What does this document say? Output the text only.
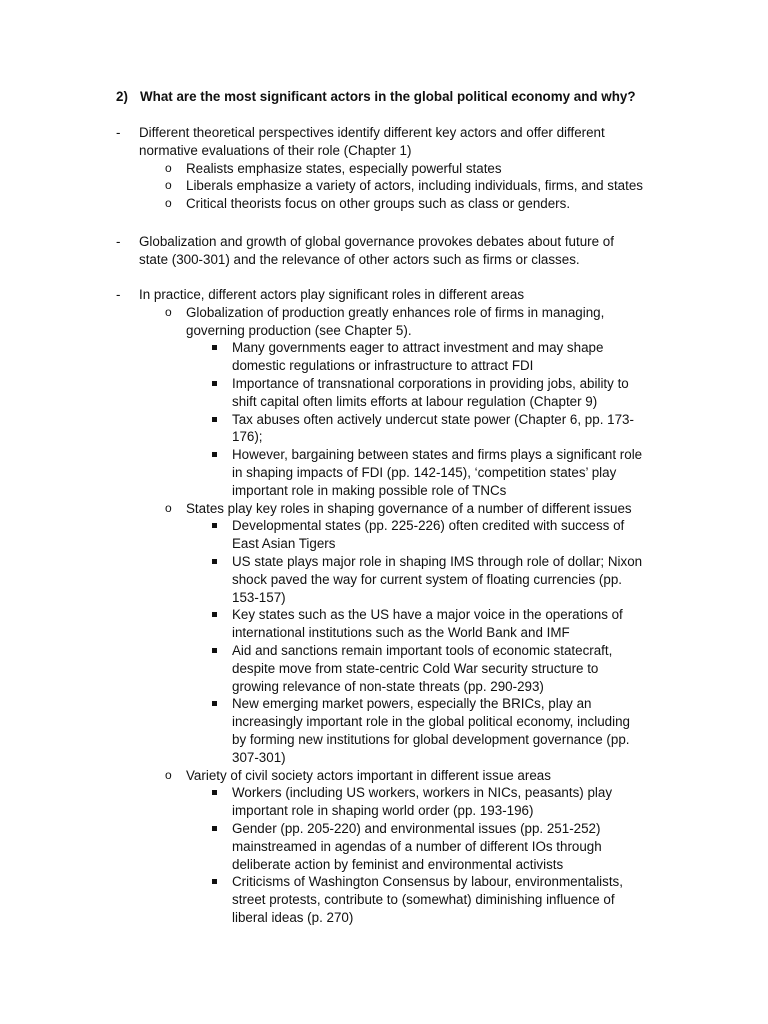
2) What are the most significant actors in the global political economy and why?
- Different theoretical perspectives identify different key actors and offer different
normative evaluations of their role (Chapter 1)
o Realists emphasize states, especially powerful states
o Liberals emphasize a variety of actors, including individuals, firms, and states
o Critical theorists focus on other groups such as class or genders.
- Globalization and growth of global governance provokes debates about future of
state (300-301) and the relevance of other actors such as firms or classes.
- In practice, different actors play significant roles in different areas
o Globalization of production greatly enhances role of firms in managing,
governing production (see Chapter 5).
Many governments eager to attract investment and may shape
domestic regulations or infrastructure to attract FDI
Importance of transnational corporations in providing jobs, ability to
shift capital often limits efforts at labour regulation (Chapter 9)
Tax abuses often actively undercut state power (Chapter 6, pp. 173-
176);
However, bargaining between states and firms plays a significant role
in shaping impacts of FDI (pp. 142-145), ‘competition states’ play
important role in making possible role of TNCs
o States play key roles in shaping governance of a number of different issues
Developmental states (pp. 225-226) often credited with success of
East Asian Tigers
US state plays major role in shaping IMS through role of dollar; Nixon
shock paved the way for current system of floating currencies (pp.
153-157)
Key states such as the US have a major voice in the operations of
international institutions such as the World Bank and IMF
Aid and sanctions remain important tools of economic statecraft,
despite move from state-centric Cold War security structure to
growing relevance of non-state threats (pp. 290-293)
New emerging market powers, especially the BRICs, play an
increasingly important role in the global political economy, including
by forming new institutions for global development governance (pp.
307-301)
o Variety of civil society actors important in different issue areas
Workers (including US workers, workers in NICs, peasants) play
important role in shaping world order (pp. 193-196)
Gender (pp. 205-220) and environmental issues (pp. 251-252)
mainstreamed in agendas of a number of different IOs through
deliberate action by feminist and environmental activists
Criticisms of Washington Consensus by labour, environmentalists,
street protests, contribute to (somewhat) diminishing influence of
liberal ideas (p. 270)
